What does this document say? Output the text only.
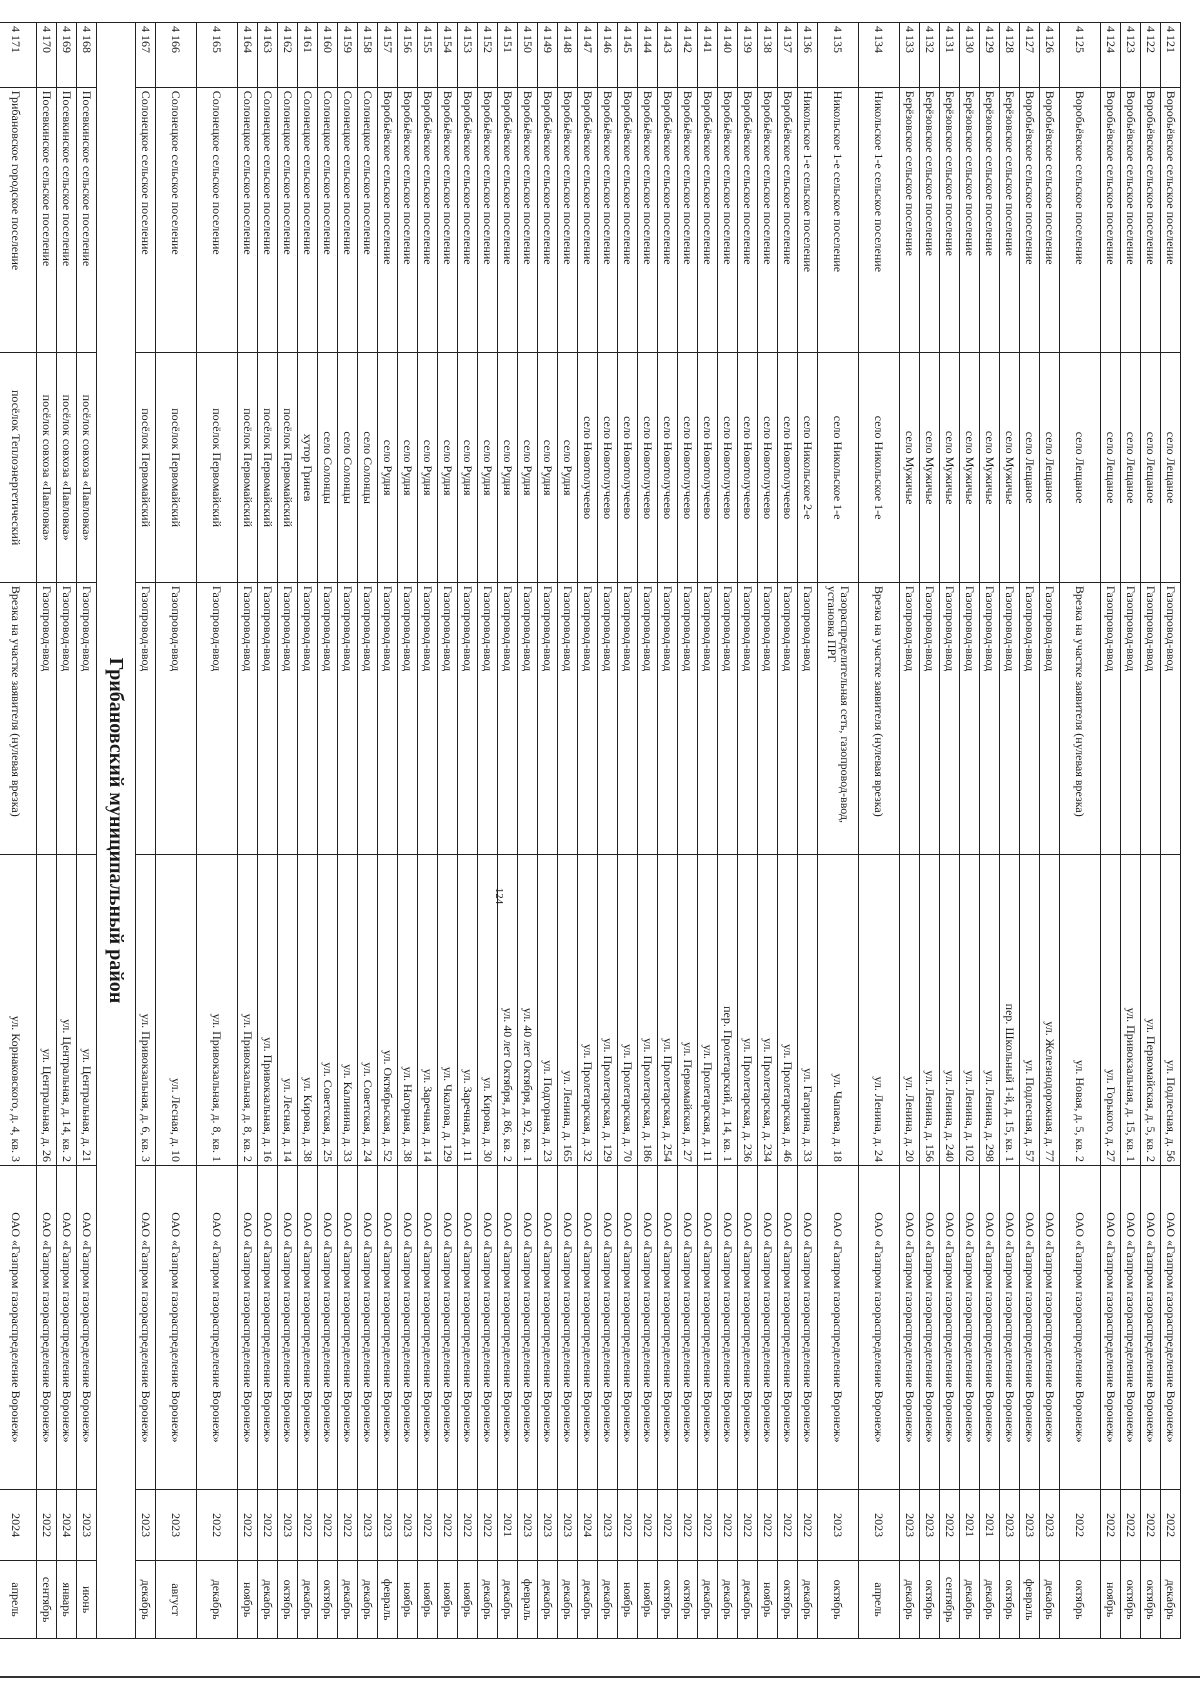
124
4 121	Воробьёвское сельское поселение	село Лещаное	Газопровод-ввод	ул. Подлесная, д. 56	ОАО «Газпром газораспределение Воронеж»	2022	декабрь
4 122	Воробьёвское сельское поселение	село Лещаное	Газопровод-ввод	ул. Первомайская, д. 5, кв. 2	ОАО «Газпром газораспределение Воронеж»	2022	октябрь
4 123	Воробьёвское сельское поселение	село Лещаное	Газопровод-ввод	ул. Привокзальная, д. 15, кв. 1	ОАО «Газпром газораспределение Воронеж»	2022	октябрь
4 124	Воробьёвское сельское поселение	село Лещаное	Газопровод-ввод	ул. Горького, д. 27	ОАО «Газпром газораспределение Воронеж»	2022	ноябрь
4 125	Воробьёвское сельское поселение	село Лещаное	Врезка на участке заявителя (нулевая врезка)	ул. Новая, д. 5, кв. 2	ОАО «Газпром газораспределение Воронеж»	2022	октябрь
4 126	Воробьёвское сельское поселение	село Лещаное	Газопровод-ввод	ул. Железнодорожная, д. 77	ОАО «Газпром газораспределение Воронеж»	2023	декабрь
4 127	Воробьёвское сельское поселение	село Лещаное	Газопровод-ввод	ул. Подлесная, д. 57	ОАО «Газпром газораспределение Воронеж»	2023	февраль
4 128	Берёзовское сельское поселение	село Мужичье	Газопровод-ввод	пер. Школьный 1-й, д. 15, кв. 1	ОАО «Газпром газораспределение Воронеж»	2023	октябрь
4 129	Берёзовское сельское поселение	село Мужичье	Газопровод-ввод	ул. Ленина, д. 298	ОАО «Газпром газораспределение Воронеж»	2021	декабрь
4 130	Берёзовское сельское поселение	село Мужичье	Газопровод-ввод	ул. Ленина, д. 102	ОАО «Газпром газораспределение Воронеж»	2021	декабрь
4 131	Берёзовское сельское поселение	село Мужичье	Газопровод-ввод	ул. Ленина, д. 240	ОАО «Газпром газораспределение Воронеж»	2022	сентябрь
4 132	Берёзовское сельское поселение	село Мужичье	Газопровод-ввод	ул. Ленина, д. 156	ОАО «Газпром газораспределение Воронеж»	2023	октябрь
4 133	Берёзовское сельское поселение	село Мужичье	Газопровод-ввод	ул. Ленина, д. 20	ОАО «Газпром газораспределение Воронеж»	2023	декабрь
4 134	Никольское 1-е сельское поселение	село Никольское 1-е	Врезка на участке заявителя (нулевая врезка)	ул. Ленина, д. 24	ОАО «Газпром газораспределение Воронеж»	2023	апрель
4 135	Никольское 1-е сельское поселение	село Никольское 1-е	Газораспределительная сеть, газопровод-ввод, установка ПРГ	ул. Чапаева, д. 18	ОАО «Газпром газораспределение Воронеж»	2023	октябрь
4 136	Никольское 1-е сельское поселение	село Никольское 2-е	Газопровод-ввод	ул. Гагарина, д. 33	ОАО «Газпром газораспределение Воронеж»	2022	декабрь
4 137	Воробьёвское сельское поселение	село Новотолучеево	Газопровод-ввод	ул. Пролетарская, д. 46	ОАО «Газпром газораспределение Воронеж»	2022	октябрь
4 138	Воробьёвское сельское поселение	село Новотолучеево	Газопровод-ввод	ул. Пролетарская, д. 234	ОАО «Газпром газораспределение Воронеж»	2022	ноябрь
4 139	Воробьёвское сельское поселение	село Новотолучеево	Газопровод-ввод	ул. Пролетарская, д. 236	ОАО «Газпром газораспределение Воронеж»	2022	декабрь
4 140	Воробьёвское сельское поселение	село Новотолучеево	Газопровод-ввод	пер. Пролетарский, д. 14, кв. 1	ОАО «Газпром газораспределение Воронеж»	2022	декабрь
4 141	Воробьёвское сельское поселение	село Новотолучеево	Газопровод-ввод	ул. Пролетарская, д. 11	ОАО «Газпром газораспределение Воронеж»	2022	декабрь
4 142	Воробьёвское сельское поселение	село Новотолучеево	Газопровод-ввод	ул. Первомайская, д. 27	ОАО «Газпром газораспределение Воронеж»	2022	октябрь
4 143	Воробьёвское сельское поселение	село Новотолучеево	Газопровод-ввод	ул. Пролетарская, д. 254	ОАО «Газпром газораспределение Воронеж»	2022	октябрь
4 144	Воробьёвское сельское поселение	село Новотолучеево	Газопровод-ввод	ул. Пролетарская, д. 186	ОАО «Газпром газораспределение Воронеж»	2022	ноябрь
4 145	Воробьёвское сельское поселение	село Новотолучеево	Газопровод-ввод	ул. Пролетарская, д. 70	ОАО «Газпром газораспределение Воронеж»	2022	ноябрь
4 146	Воробьёвское сельское поселение	село Новотолучеево	Газопровод-ввод	ул. Пролетарская, д. 129	ОАО «Газпром газораспределение Воронеж»	2023	декабрь
4 147	Воробьёвское сельское поселение	село Новотолучеево	Газопровод-ввод	ул. Пролетарская, д. 32	ОАО «Газпром газораспределение Воронеж»	2024	декабрь
4 148	Воробьёвское сельское поселение	село Рудня	Газопровод-ввод	ул. Ленина, д. 165	ОАО «Газпром газораспределение Воронеж»	2023	декабрь
4 149	Воробьёвское сельское поселение	село Рудня	Газопровод-ввод	ул. Подгорная, д. 23	ОАО «Газпром газораспределение Воронеж»	2023	декабрь
4 150	Воробьёвское сельское поселение	село Рудня	Газопровод-ввод	ул. 40 лет Октября, д. 92, кв. 1	ОАО «Газпром газораспределение Воронеж»	2023	февраль
4 151	Воробьёвское сельское поселение	село Рудня	Газопровод-ввод	ул. 40 лет Октября, д. 86, кв. 2	ОАО «Газпром газораспределение Воронеж»	2021	декабрь
4 152	Воробьёвское сельское поселение	село Рудня	Газопровод-ввод	ул. Кирова, д. 30	ОАО «Газпром газораспределение Воронеж»	2022	декабрь
4 153	Воробьёвское сельское поселение	село Рудня	Газопровод-ввод	ул. Заречная, д. 11	ОАО «Газпром газораспределение Воронеж»	2022	ноябрь
4 154	Воробьёвское сельское поселение	село Рудня	Газопровод-ввод	ул. Чкалова, д. 129	ОАО «Газпром газораспределение Воронеж»	2022	ноябрь
4 155	Воробьёвское сельское поселение	село Рудня	Газопровод-ввод	ул. Заречная, д. 14	ОАО «Газпром газораспределение Воронеж»	2022	ноябрь
4 156	Воробьёвское сельское поселение	село Рудня	Газопровод-ввод	ул. Нагорная, д. 38	ОАО «Газпром газораспределение Воронеж»	2023	ноябрь
4 157	Воробьёвское сельское поселение	село Рудня	Газопровод-ввод	ул. Октябрьская, д. 52	ОАО «Газпром газораспределение Воронеж»	2023	февраль
4 158	Солонецкое сельское поселение	село Солонцы	Газопровод-ввод	ул. Советская, д. 24	ОАО «Газпром газораспределение Воронеж»	2023	декабрь
4 159	Солонецкое сельское поселение	село Солонцы	Газопровод-ввод	ул. Калинина, д. 33	ОАО «Газпром газораспределение Воронеж»	2022	декабрь
4 160	Солонецкое сельское поселение	село Солонцы	Газопровод-ввод	ул. Советская, д. 25	ОАО «Газпром газораспределение Воронеж»	2022	октябрь
4 161	Солонецкое сельское поселение	хутор Гринев	Газопровод-ввод	ул. Кирова, д. 38	ОАО «Газпром газораспределение Воронеж»	2022	декабрь
4 162	Солонецкое сельское поселение	посёлок Первомайский	Газопровод-ввод	ул. Лесная, д. 14	ОАО «Газпром газораспределение Воронеж»	2023	октябрь
4 163	Солонецкое сельское поселение	посёлок Первомайский	Газопровод-ввод	ул. Привокзальная, д. 16	ОАО «Газпром газораспределение Воронеж»	2022	декабрь
4 164	Солонецкое сельское поселение	посёлок Первомайский	Газопровод-ввод	ул. Привокзальная, д. 8, кв. 2	ОАО «Газпром газораспределение Воронеж»	2022	ноябрь
4 165	Солонецкое сельское поселение	посёлок Первомайский	Газопровод-ввод	ул. Привокзальная, д. 8, кв. 1	ОАО «Газпром газораспределение Воронеж»	2022	декабрь
4 166	Солонецкое сельское поселение	посёлок Первомайский	Газопровод-ввод	ул. Лесная, д. 10	ОАО «Газпром газораспределение Воронеж»	2023	август
4 167	Солонецкое сельское поселение	посёлок Первомайский	Газопровод-ввод	ул. Привокзальная, д. 6, кв. 3	ОАО «Газпром газораспределение Воронеж»	2023	декабрь
Грибановский муниципальный район							
4 168	Посевкинское сельское поселение	посёлок совхоза «Павловка»	Газопровод-ввод	ул. Центральная, д. 21	ОАО «Газпром газораспределение Воронеж»	2023	июнь
4 169	Посевкинское сельское поселение	посёлок совхоза «Павловка»	Газопровод-ввод	ул. Центральная, д. 14, кв. 2	ОАО «Газпром газораспределение Воронеж»	2024	январь
4 170	Посевкинское сельское поселение	посёлок совхоза «Павловка»	Газопровод-ввод	ул. Центральная, д. 26	ОАО «Газпром газораспределение Воронеж»	2022	сентябрь
4 171	Грибановское городское поселение	посёлок Теплоэнергетический	Врезка на участке заявителя (нулевая врезка)	ул. Корнаковского, д. 4, кв. 3	ОАО «Газпром газораспределение Воронеж»	2024	апрель
